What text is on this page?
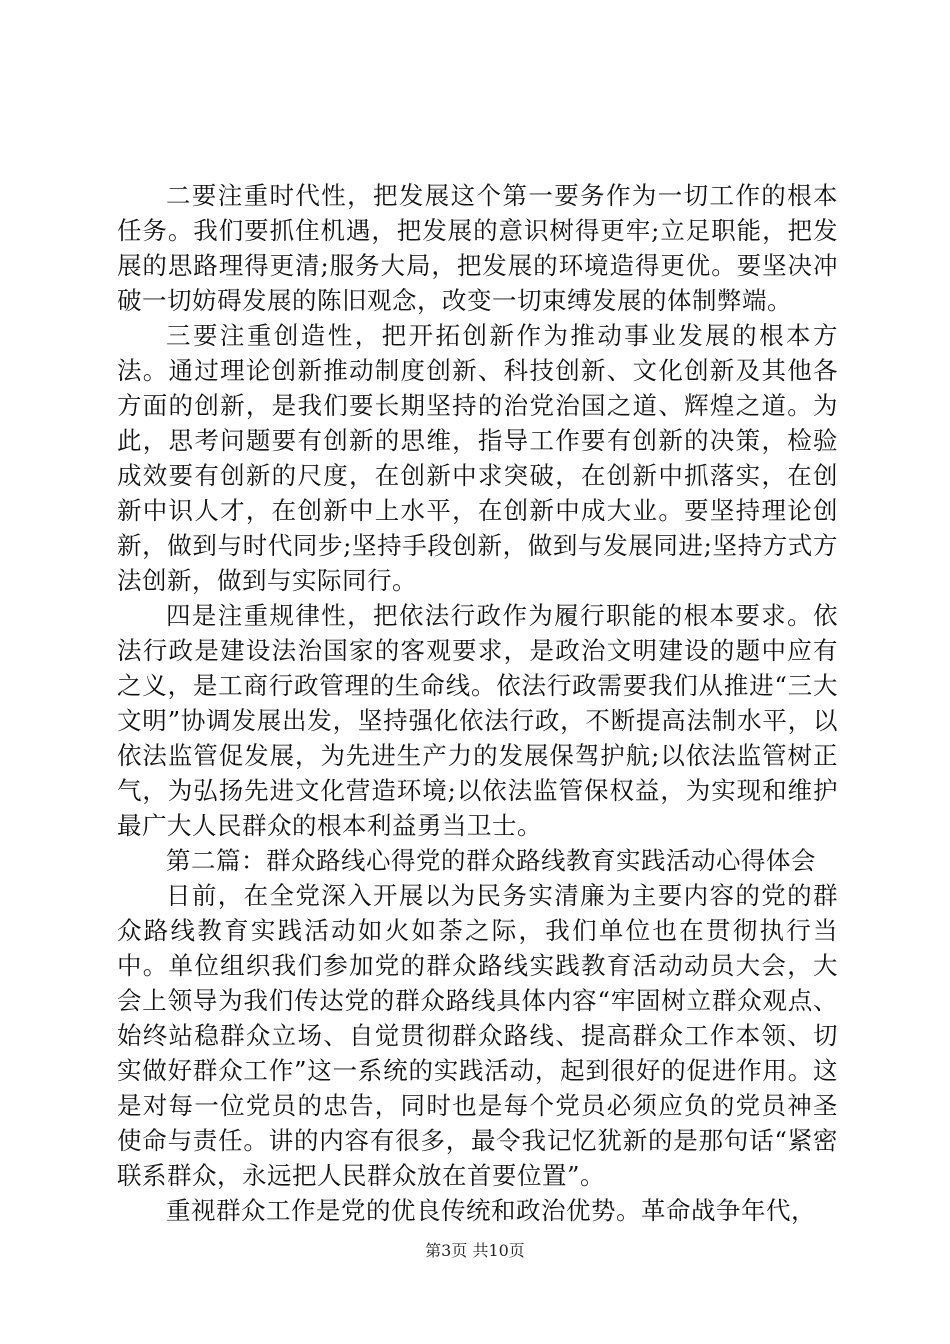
二要注重时代性，把发展这个第一要务作为一切工作的根本任务。我们要抓住机遇，把发展的意识树得更牢;立足职能，把发展的思路理得更清;服务大局，把发展的环境造得更优。要坚决冲破一切妨碍发展的陈旧观念，改变一切束缚发展的体制弊端。

三要注重创造性，把开拓创新作为推动事业发展的根本方法。通过理论创新推动制度创新、科技创新、文化创新及其他各方面的创新，是我们要长期坚持的治党治国之道、辉煌之道。为此，思考问题要有创新的思维，指导工作要有创新的决策，检验成效要有创新的尺度，在创新中求突破，在创新中抓落实，在创新中识人才，在创新中上水平，在创新中成大业。要坚持理论创新，做到与时代同步;坚持手段创新，做到与发展同进;坚持方式方法创新，做到与实际同行。

四是注重规律性，把依法行政作为履行职能的根本要求。依法行政是建设法治国家的客观要求，是政治文明建设的题中应有之义，是工商行政管理的生命线。依法行政需要我们从推进“三大文明”协调发展出发，坚持强化依法行政，不断提高法制水平，以依法监管促发展，为先进生产力的发展保驾护航;以依法监管树正气，为弘扬先进文化营造环境;以依法监管保权益，为实现和维护最广大人民群众的根本利益勇当卫士。

第二篇：群众路线心得党的群众路线教育实践活动心得体会

日前，在全党深入开展以为民务实清廉为主要内容的党的群众路线教育实践活动如火如荼之际，我们单位也在贯彻执行当中。单位组织我们参加党的群众路线实践教育活动动员大会，大会上领导为我们传达党的群众路线具体内容“牢固树立群众观点、始终站稳群众立场、自觉贯彻群众路线、提高群众工作本领、切实做好群众工作”这一系统的实践活动，起到很好的促进作用。这是对每一位党员的忠告，同时也是每个党员必须应负的党员神圣使命与责任。讲的内容有很多，最令我记忆犹新的是那句话“紧密联系群众，永远把人民群众放在首要位置”。

重视群众工作是党的优良传统和政治优势。革命战争年代，

第3页 共10页
